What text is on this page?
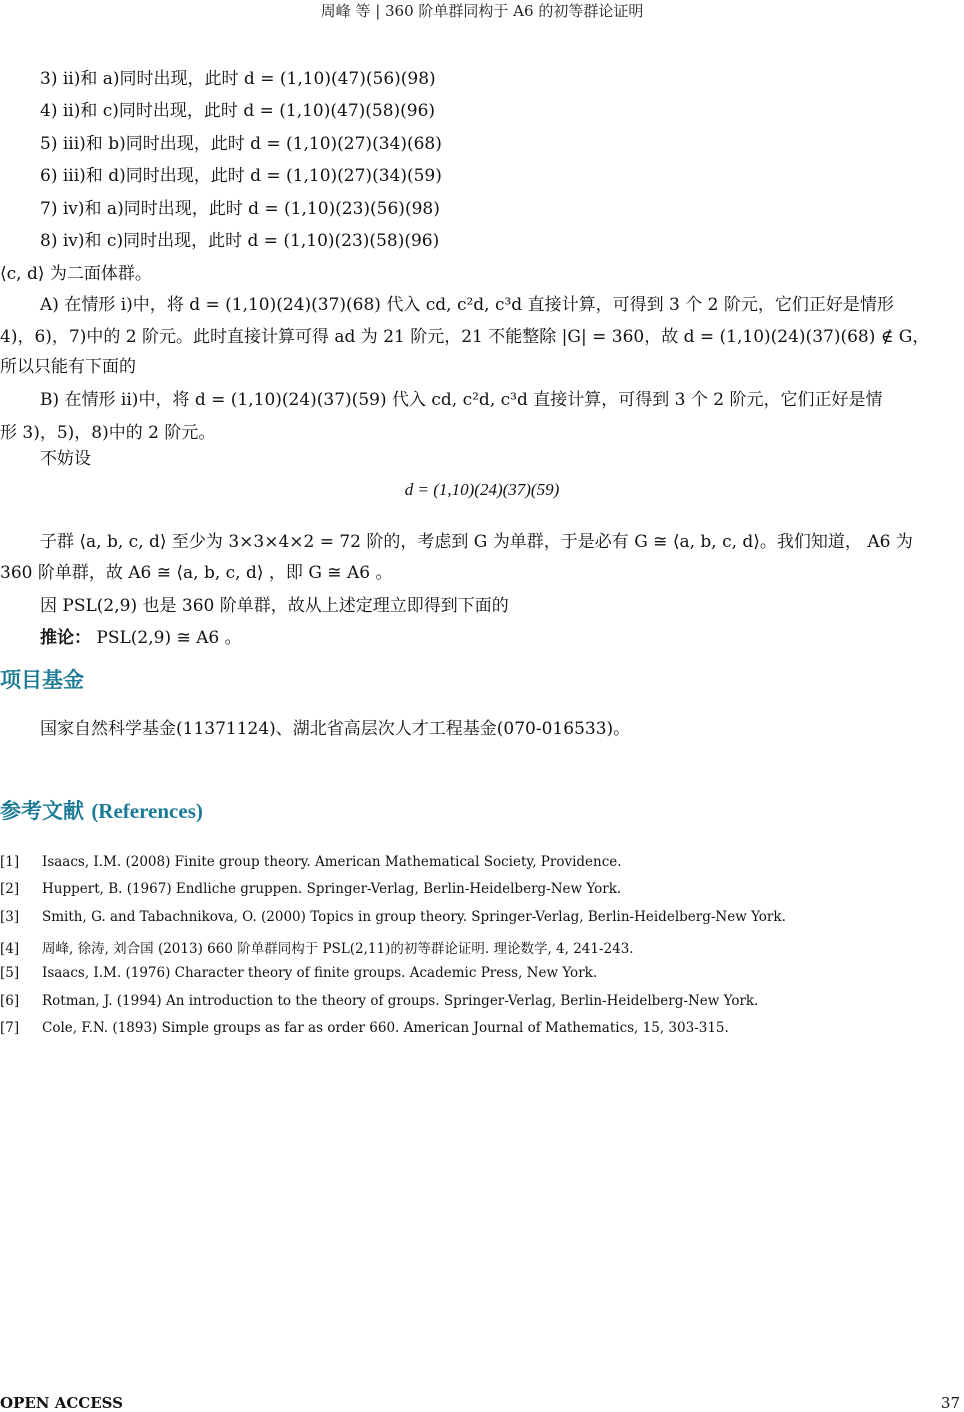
周峰 等 | 360 阶单群同构于 A6 的初等群论证明
3) ii)和 a)同时出现，此时 d = (1,10)(47)(56)(98)
4) ii)和 c)同时出现，此时 d = (1,10)(47)(58)(96)
5) iii)和 b)同时出现，此时 d = (1,10)(27)(34)(68)
6) iii)和 d)同时出现，此时 d = (1,10)(27)(34)(59)
7) iv)和 a)同时出现，此时 d = (1,10)(23)(56)(98)
8) iv)和 c)同时出现，此时 d = (1,10)(23)(58)(96)
⟨c, d⟩ 为二面体群。
A) 在情形 i)中，将 d = (1,10)(24)(37)(68) 代入 cd, c²d, c³d 直接计算，可得到 3 个 2 阶元，它们正好是情形
4)，6)，7)中的 2 阶元。此时直接计算可得 ad 为 21 阶元，21 不能整除 |G| = 360，故 d = (1,10)(24)(37)(68) ∉ G，
所以只能有下面的
B) 在情形 ii)中，将 d = (1,10)(24)(37)(59) 代入 cd, c²d, c³d 直接计算，可得到 3 个 2 阶元，它们正好是情
形 3)，5)，8)中的 2 阶元。
不妨设
d = (1,10)(24)(37)(59)
子群 ⟨a, b, c, d⟩ 至少为 3×3×4×2 = 72 阶的，考虑到 G 为单群，于是必有 G ≅ ⟨a, b, c, d⟩。我们知道， A6 为
360 阶单群，故 A6 ≅ ⟨a, b, c, d⟩ ，即 G ≅ A6 。
因 PSL(2,9) 也是 360 阶单群，故从上述定理立即得到下面的
推论： PSL(2,9) ≅ A6 。
项目基金
国家自然科学基金(11371124)、湖北省高层次人才工程基金(070-016533)。
参考文献 (References)
[1] Isaacs, I.M. (2008) Finite group theory. American Mathematical Society, Providence.
[2] Huppert, B. (1967) Endliche gruppen. Springer-Verlag, Berlin-Heidelberg-New York.
[3] Smith, G. and Tabachnikova, O. (2000) Topics in group theory. Springer-Verlag, Berlin-Heidelberg-New York.
[4] 周峰, 徐涛, 刘合国 (2013) 660 阶单群同构于 PSL(2,11)的初等群论证明. 理论数学, 4, 241-243.
[5] Isaacs, I.M. (1976) Character theory of finite groups. Academic Press, New York.
[6] Rotman, J. (1994) An introduction to the theory of groups. Springer-Verlag, Berlin-Heidelberg-New York.
[7] Cole, F.N. (1893) Simple groups as far as order 660. American Journal of Mathematics, 15, 303-315.
OPEN ACCESS	37
